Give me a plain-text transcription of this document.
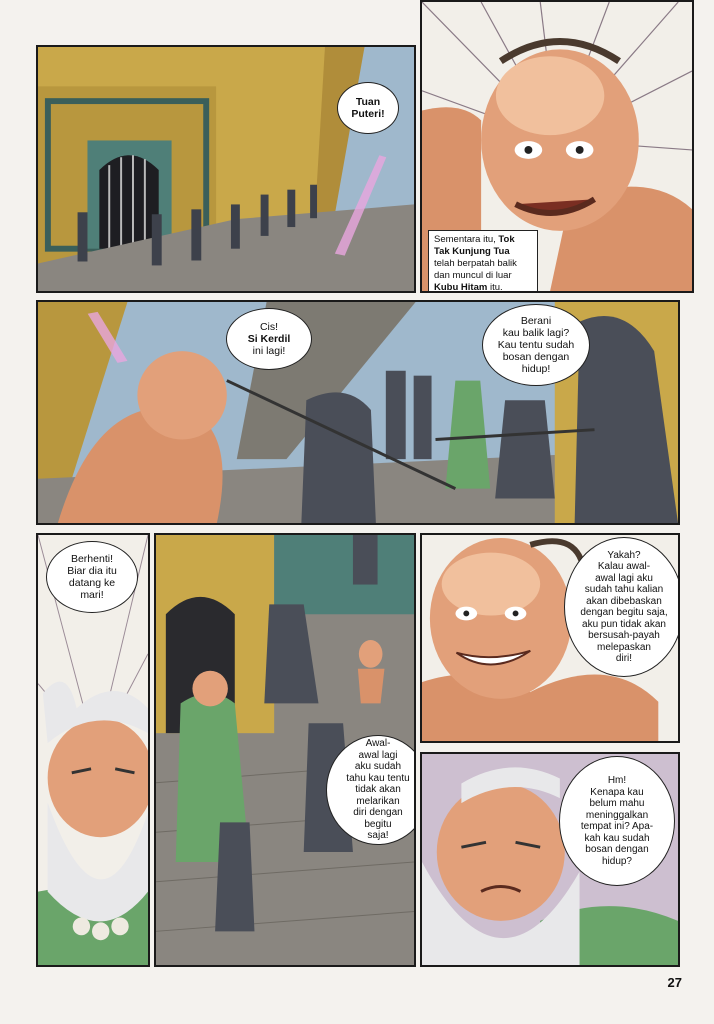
Tuan
Puteri!
Sementara itu, Tok Tak Kunjung Tua telah berpatah balik dan muncul di luar Kubu Hitam itu.
Cis!
Si Kerdil
ini lagi!
Berani
kau balik lagi?
Kau tentu sudah
bosan dengan
hidup!
Berhenti!
Biar dia itu
datang ke
mari!
Awal-
awal lagi
aku sudah
tahu kau tentu
tidak akan
melarikan
diri dengan
begitu
saja!
Yakah?
Kalau awal-
awal lagi aku
sudah tahu kalian
akan dibebaskan
dengan begitu saja,
aku pun tidak akan
bersusah-payah
melepaskan
diri!
Hm!
Kenapa kau
belum mahu
meninggalkan
tempat ini? Apa-
kah kau sudah
bosan dengan
hidup?
27
